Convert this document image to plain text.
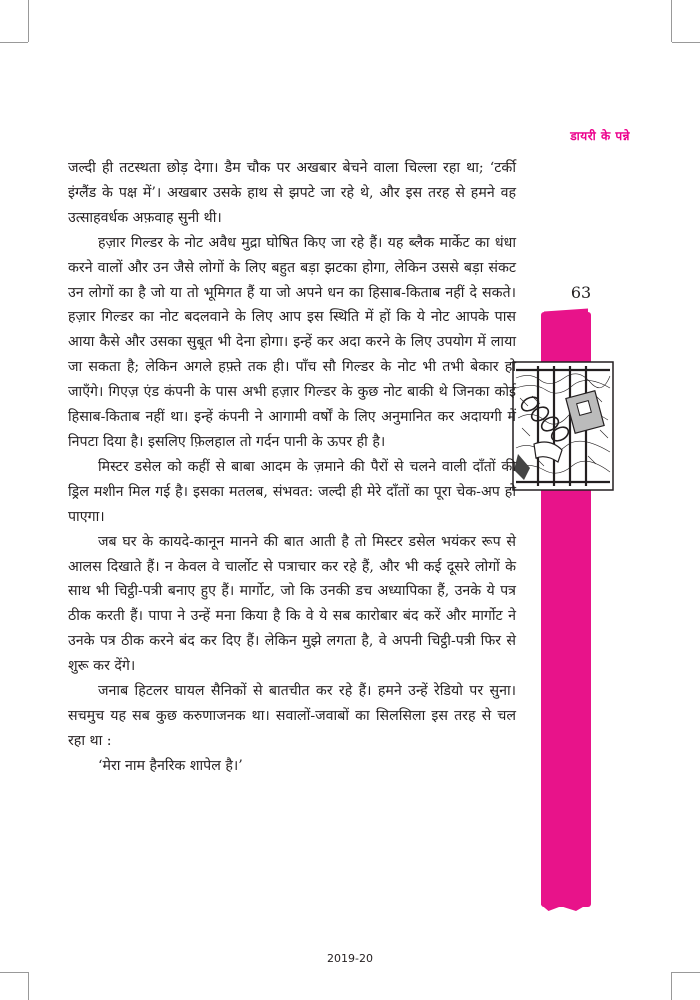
डायरी के पन्ने
63

जल्दी ही तटस्थता छोड़ देगा। डैम चौक पर अखबार बेचने वाला चिल्ला रहा था; ‘टर्की इंग्लैंड के पक्ष में’। अखबार उसके हाथ से झपटे जा रहे थे, और इस तरह से हमने वह उत्साहवर्धक अफ़वाह सुनी थी।

हज़ार गिल्डर के नोट अवैध मुद्रा घोषित किए जा रहे हैं। यह ब्लैक मार्केट का धंधा करने वालों और उन जैसे लोगों के लिए बहुत बड़ा झटका होगा, लेकिन उससे बड़ा संकट उन लोगों का है जो या तो भूमिगत हैं या जो अपने धन का हिसाब-किताब नहीं दे सकते। हज़ार गिल्डर का नोट बदलवाने के लिए आप इस स्थिति में हों कि ये नोट आपके पास आया कैसे और उसका सुबूत भी देना होगा। इन्हें कर अदा करने के लिए उपयोग में लाया जा सकता है; लेकिन अगले हफ़्ते तक ही। पाँच सौ गिल्डर के नोट भी तभी बेकार हो जाएँगे। गिएज़ एंड कंपनी के पास अभी हज़ार गिल्डर के कुछ नोट बाकी थे जिनका कोई हिसाब-किताब नहीं था। इन्हें कंपनी ने आगामी वर्षों के लिए अनुमानित कर अदायगी में निपटा दिया है। इसलिए फ़िलहाल तो गर्दन पानी के ऊपर ही है।

मिस्टर डसेल को कहीं से बाबा आदम के ज़माने की पैरों से चलने वाली दाँतों की ड्रिल मशीन मिल गई है। इसका मतलब, संभवत: जल्दी ही मेरे दाँतों का पूरा चेक-अप हो पाएगा।

जब घर के कायदे-कानून मानने की बात आती है तो मिस्टर डसेल भयंकर रूप से आलस दिखाते हैं। न केवल वे चार्लोट से पत्राचार कर रहे हैं, और भी कई दूसरे लोगों के साथ भी चिट्ठी-पत्री बनाए हुए हैं। मार्गोट, जो कि उनकी डच अध्यापिका हैं, उनके ये पत्र ठीक करती हैं। पापा ने उन्हें मना किया है कि वे ये सब कारोबार बंद करें और मार्गोट ने उनके पत्र ठीक करने बंद कर दिए हैं। लेकिन मुझे लगता है, वे अपनी चिट्ठी-पत्री फिर से शुरू कर देंगे।

जनाब हिटलर घायल सैनिकों से बातचीत कर रहे हैं। हमने उन्हें रेडियो पर सुना। सचमुच यह सब कुछ करुणाजनक था। सवालों-जवाबों का सिलसिला इस तरह से चल रहा था :

‘मेरा नाम हैनरिक शापेल है।’

2019-20
